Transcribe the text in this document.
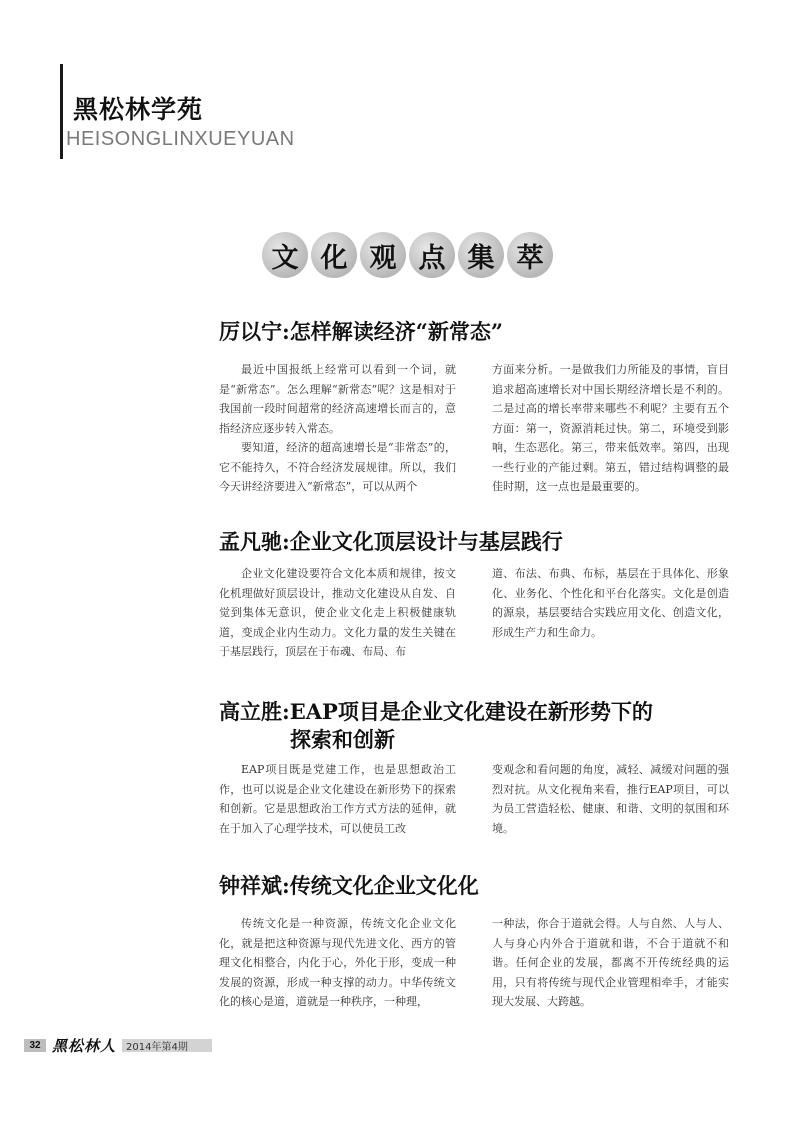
黑松林学苑
HEISONGLINXUEYUAN
文 化 观 点 集 萃
厉以宁:怎样解读经济“新常态”

最近中国报纸上经常可以看到一个词，就是“新常态”。怎么理解“新常态”呢？这是相对于我国前一段时间超常的经济高速增长而言的，意指经济应逐步转入常态。

要知道，经济的超高速增长是“非常态”的，它不能持久，不符合经济发展规律。所以，我们今天讲经济要进入“新常态”，可以从两个

方面来分析。一是做我们力所能及的事情，盲目追求超高速增长对中国长期经济增长是不利的。二是过高的增长率带来哪些不利呢？主要有五个方面：第一，资源消耗过快。第二，环境受到影响，生态恶化。第三，带来低效率。第四，出现一些行业的产能过剩。第五，错过结构调整的最佳时期，这一点也是最重要的。

孟凡驰:企业文化顶层设计与基层践行

企业文化建设要符合文化本质和规律，按文化机理做好顶层设计，推动文化建设从自发、自觉到集体无意识，使企业文化走上积极健康轨道，变成企业内生动力。文化力量的发生关键在于基层践行，顶层在于布魂、布局、布

道、布法、布典、布标，基层在于具体化、形象化、业务化、个性化和平台化落实。文化是创造的源泉，基层要结合实践应用文化、创造文化，形成生产力和生命力。

高立胜:EAP项目是企业文化建设在新形势下的
探索和创新

EAP项目既是党建工作，也是思想政治工作，也可以说是企业文化建设在新形势下的探索和创新。它是思想政治工作方式方法的延伸，就在于加入了心理学技术，可以使员工改

变观念和看问题的角度，减轻、减缓对问题的强烈对抗。从文化视角来看，推行EAP项目，可以为员工营造轻松、健康、和谐、文明的氛围和环境。

钟祥斌:传统文化企业文化化

传统文化是一种资源，传统文化企业文化化，就是把这种资源与现代先进文化、西方的管理文化相整合，内化于心，外化于形，变成一种发展的资源，形成一种支撑的动力。中华传统文化的核心是道，道就是一种秩序，一种理，

一种法，你合于道就会得。人与自然、人与人、人与身心内外合于道就和谐，不合于道就不和谐。任何企业的发展，都离不开传统经典的运用，只有将传统与现代企业管理相牵手，才能实现大发展、大跨越。

32 黑松林人	2014年第4期
